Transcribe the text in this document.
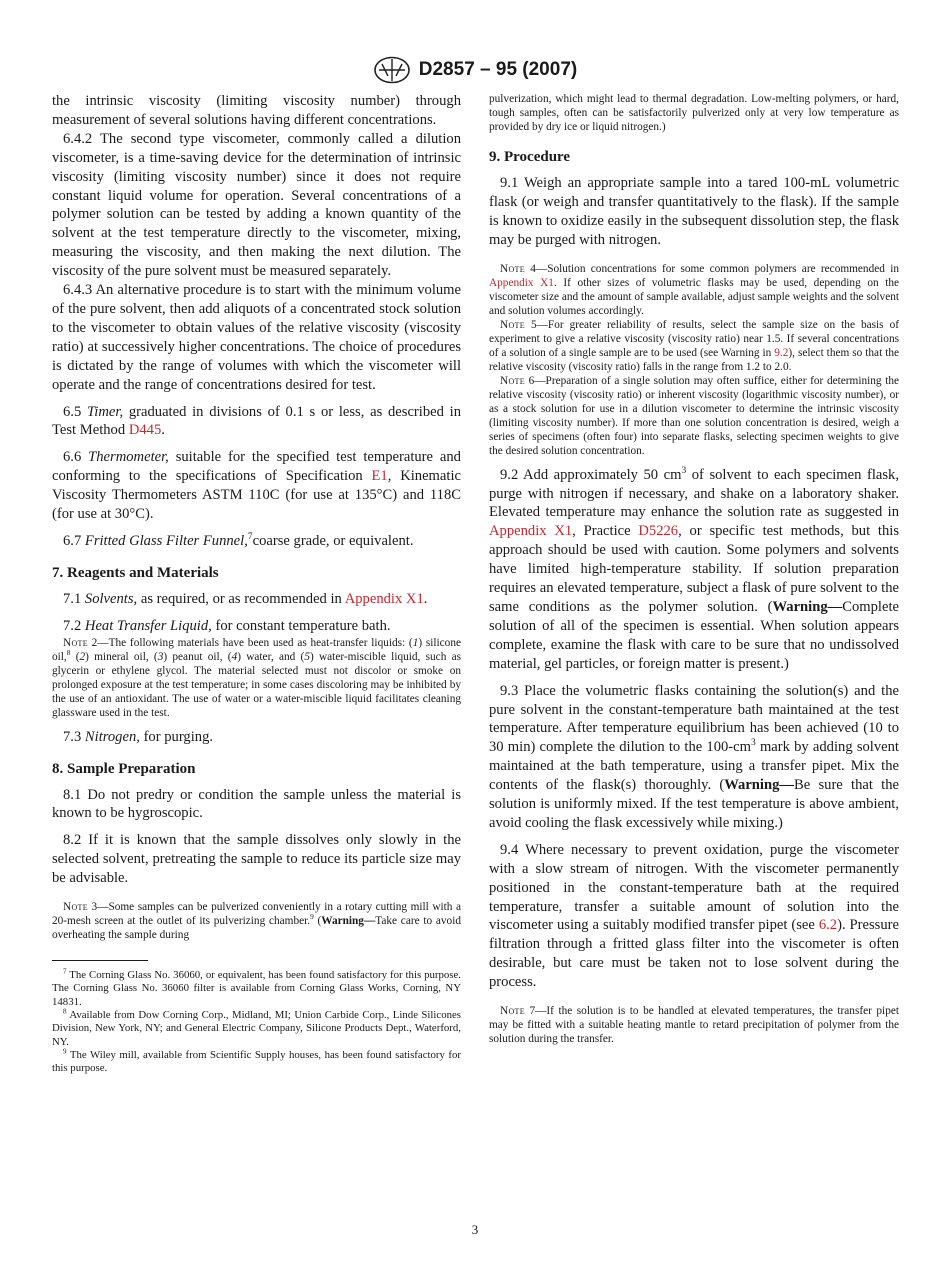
D2857 – 95 (2007)

the intrinsic viscosity (limiting viscosity number) through measurement of several solutions having different concentrations.

6.4.2 The second type viscometer, commonly called a dilution viscometer, is a time-saving device for the determination of intrinsic viscosity (limiting viscosity number) since it does not require constant liquid volume for operation. Several concentrations of a polymer solution can be tested by adding a known quantity of the solvent at the test temperature directly to the viscometer, mixing, measuring the viscosity, and then making the next dilution. The viscosity of the pure solvent must be measured separately.

6.4.3 An alternative procedure is to start with the minimum volume of the pure solvent, then add aliquots of a concentrated stock solution to the viscometer to obtain values of the relative viscosity (viscosity ratio) at successively higher concentrations. The choice of procedures is dictated by the range of volumes with which the viscometer will operate and the range of concentrations desired for test.

6.5 Timer, graduated in divisions of 0.1 s or less, as described in Test Method D445.

6.6 Thermometer, suitable for the specified test temperature and conforming to the specifications of Specification E1, Kinematic Viscosity Thermometers ASTM 110C (for use at 135°C) and 118C (for use at 30°C).

6.7 Fritted Glass Filter Funnel,$^7$coarse grade, or equivalent.

7. Reagents and Materials

7.1 Solvents, as required, or as recommended in Appendix X1.

7.2 Heat Transfer Liquid, for constant temperature bath.

Note 2—The following materials have been used as heat-transfer liquids: (1) silicone oil,$^8$ (2) mineral oil, (3) peanut oil, (4) water, and (5) water-miscible liquid, such as glycerin or ethylene glycol. The material selected must not discolor or smoke on prolonged exposure at the test temperature; in some cases discoloring may be inhibited by the use of an antioxidant. The use of water or a water-miscible liquid facilitates cleaning glassware used in the test.

7.3 Nitrogen, for purging.

8. Sample Preparation

8.1 Do not predry or condition the sample unless the material is known to be hygroscopic.

8.2 If it is known that the sample dissolves only slowly in the selected solvent, pretreating the sample to reduce its particle size may be advisable.

Note 3—Some samples can be pulverized conveniently in a rotary cutting mill with a 20-mesh screen at the outlet of its pulverizing chamber.$^9$ (Warning—Take care to avoid overheating the sample during

$^7$ The Corning Glass No. 36060, or equivalent, has been found satisfactory for this purpose. The Corning Glass No. 36060 filter is available from Corning Glass Works, Corning, NY 14831.

$^8$ Available from Dow Corning Corp., Midland, MI; Union Carbide Corp., Linde Silicones Division, New York, NY; and General Electric Company, Silicone Products Dept., Waterford, NY.

$^9$ The Wiley mill, available from Scientific Supply houses, has been found satisfactory for this purpose.

pulverization, which might lead to thermal degradation. Low-melting polymers, or hard, tough samples, often can be satisfactorily pulverized only at very low temperature as provided by dry ice or liquid nitrogen.)

9. Procedure

9.1 Weigh an appropriate sample into a tared 100-mL volumetric flask (or weigh and transfer quantitatively to the flask). If the sample is known to oxidize easily in the subsequent dissolution step, the flask may be purged with nitrogen.

Note 4—Solution concentrations for some common polymers are recommended in Appendix X1. If other sizes of volumetric flasks may be used, depending on the viscometer size and the amount of sample available, adjust sample weights and the solvent and solution volumes accordingly.

Note 5—For greater reliability of results, select the sample size on the basis of experiment to give a relative viscosity (viscosity ratio) near 1.5. If several concentrations of a solution of a single sample are to be used (see Warning in 9.2), select them so that the relative viscosity (viscosity ratio) falls in the range from 1.2 to 2.0.

Note 6—Preparation of a single solution may often suffice, either for determining the relative viscosity (viscosity ratio) or inherent viscosity (logarithmic viscosity number), or as a stock solution for use in a dilution viscometer to determine the intrinsic viscosity (limiting viscosity number). If more than one solution concentration is desired, weigh a series of specimens (often four) into separate flasks, selecting specimen weights to give the desired solution concentration.

9.2 Add approximately 50 $cm^3$ of solvent to each specimen flask, purge with nitrogen if necessary, and shake on a laboratory shaker. Elevated temperature may enhance the solution rate as suggested in Appendix X1, Practice D5226, or specific test methods, but this approach should be used with caution. Some polymers and solvents have limited high-temperature stability. If solution preparation requires an elevated temperature, subject a flask of pure solvent to the same conditions as the polymer solution. (Warning—Complete solution of all of the specimen is essential. When solution appears complete, examine the flask with care to be sure that no undissolved material, gel particles, or foreign matter is present.)

9.3 Place the volumetric flasks containing the solution(s) and the pure solvent in the constant-temperature bath maintained at the test temperature. After temperature equilibrium has been achieved (10 to 30 min) complete the dilution to the $100-cm^3$ mark by adding solvent maintained at the bath temperature, using a transfer pipet. Mix the contents of the flask(s) thoroughly. (Warning—Be sure that the solution is uniformly mixed. If the test temperature is above ambient, avoid cooling the flask excessively while mixing.)

9.4 Where necessary to prevent oxidation, purge the viscometer with a slow stream of nitrogen. With the viscometer permanently positioned in the constant-temperature bath at the required temperature, transfer a suitable amount of solution into the viscometer using a suitably modified transfer pipet (see 6.2). Pressure filtration through a fritted glass filter into the viscometer is often desirable, but care must be taken not to lose solvent during the process.

Note 7—If the solution is to be handled at elevated temperatures, the transfer pipet may be fitted with a suitable heating mantle to retard precipitation of polymer from the solution during the transfer.

3
